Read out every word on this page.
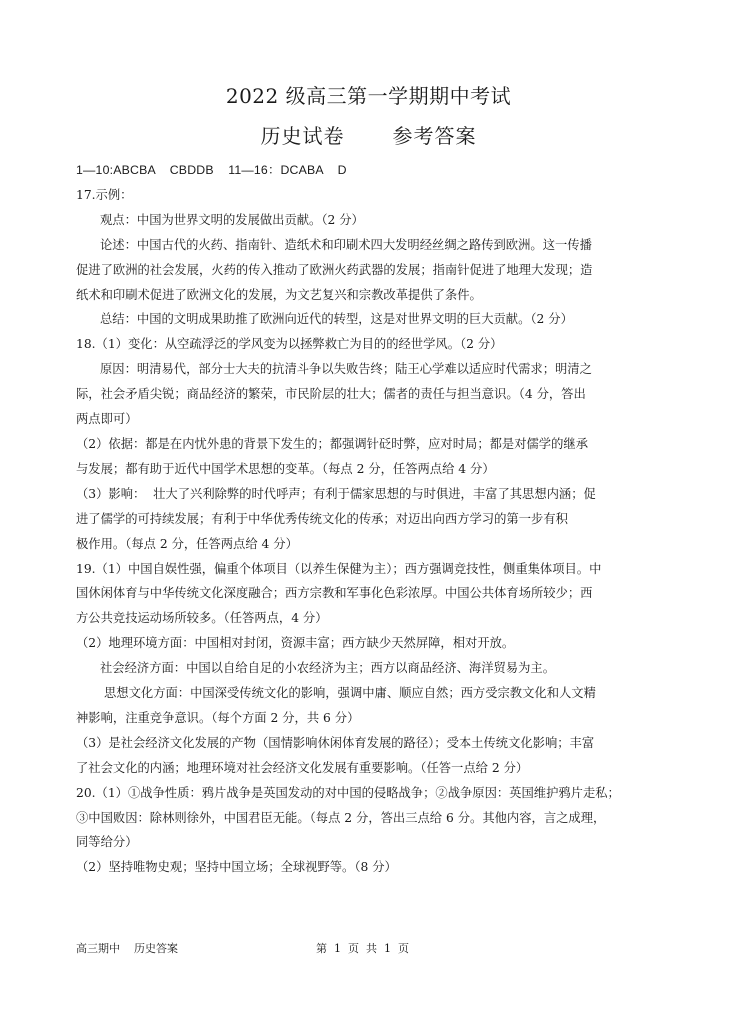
2022 级高三第一学期期中考试
历史试卷 参考答案

1—10:ABCBA    CBDDB    11—16：DCABA    D

17.示例：

观点：中国为世界文明的发展做出贡献。（2 分）

论述：中国古代的火药、指南针、造纸术和印刷术四大发明经丝绸之路传到欧洲。这一传播

促进了欧洲的社会发展，火药的传入推动了欧洲火药武器的发展；指南针促进了地理大发现；造

纸术和印刷术促进了欧洲文化的发展，为文艺复兴和宗教改革提供了条件。

总结：中国的文明成果助推了欧洲向近代的转型，这是对世界文明的巨大贡献。（2 分）

18.（1）变化：从空疏浮泛的学风变为以拯弊救亡为目的的经世学风。（2 分）

原因：明清易代，部分士大夫的抗清斗争以失败告终；陆王心学难以适应时代需求；明清之

际，社会矛盾尖锐；商品经济的繁荣，市民阶层的壮大；儒者的责任与担当意识。（4 分，答出

两点即可）

（2）依据：都是在内忧外患的背景下发生的；都强调针砭时弊，应对时局；都是对儒学的继承

与发展；都有助于近代中国学术思想的变革。（每点 2 分，任答两点给 4 分）

（3）影响：  壮大了兴利除弊的时代呼声；有利于儒家思想的与时俱进，丰富了其思想内涵；促

进了儒学的可持续发展；有利于中华优秀传统文化的传承；对迈出向西方学习的第一步有积

极作用。（每点 2 分，任答两点给 4 分）

19.（1）中国自娱性强，偏重个体项目（以养生保健为主）；西方强调竞技性，侧重集体项目。中

国休闲体育与中华传统文化深度融合；西方宗教和军事化色彩浓厚。中国公共体育场所较少；西

方公共竞技运动场所较多。（任答两点，4 分）

（2）地理环境方面：中国相对封闭，资源丰富；西方缺少天然屏障，相对开放。

社会经济方面：中国以自给自足的小农经济为主；西方以商品经济、海洋贸易为主。

思想文化方面：中国深受传统文化的影响，强调中庸、顺应自然；西方受宗教文化和人文精

神影响，注重竞争意识。（每个方面 2 分，共 6 分）

（3）是社会经济文化发展的产物（国情影响休闲体育发展的路径）；受本土传统文化影响；丰富

了社会文化的内涵；地理环境对社会经济文化发展有重要影响。（任答一点给 2 分）

20.（1）①战争性质：鸦片战争是英国发动的对中国的侵略战争；②战争原因：英国维护鸦片走私；

③中国败因：除林则徐外，中国君臣无能。（每点 2 分，答出三点给 6 分。其他内容，言之成理，

同等给分）

（2）坚持唯物史观；坚持中国立场；全球视野等。（8 分）

高三期中    历史答案	第  1  页  共  1  页
